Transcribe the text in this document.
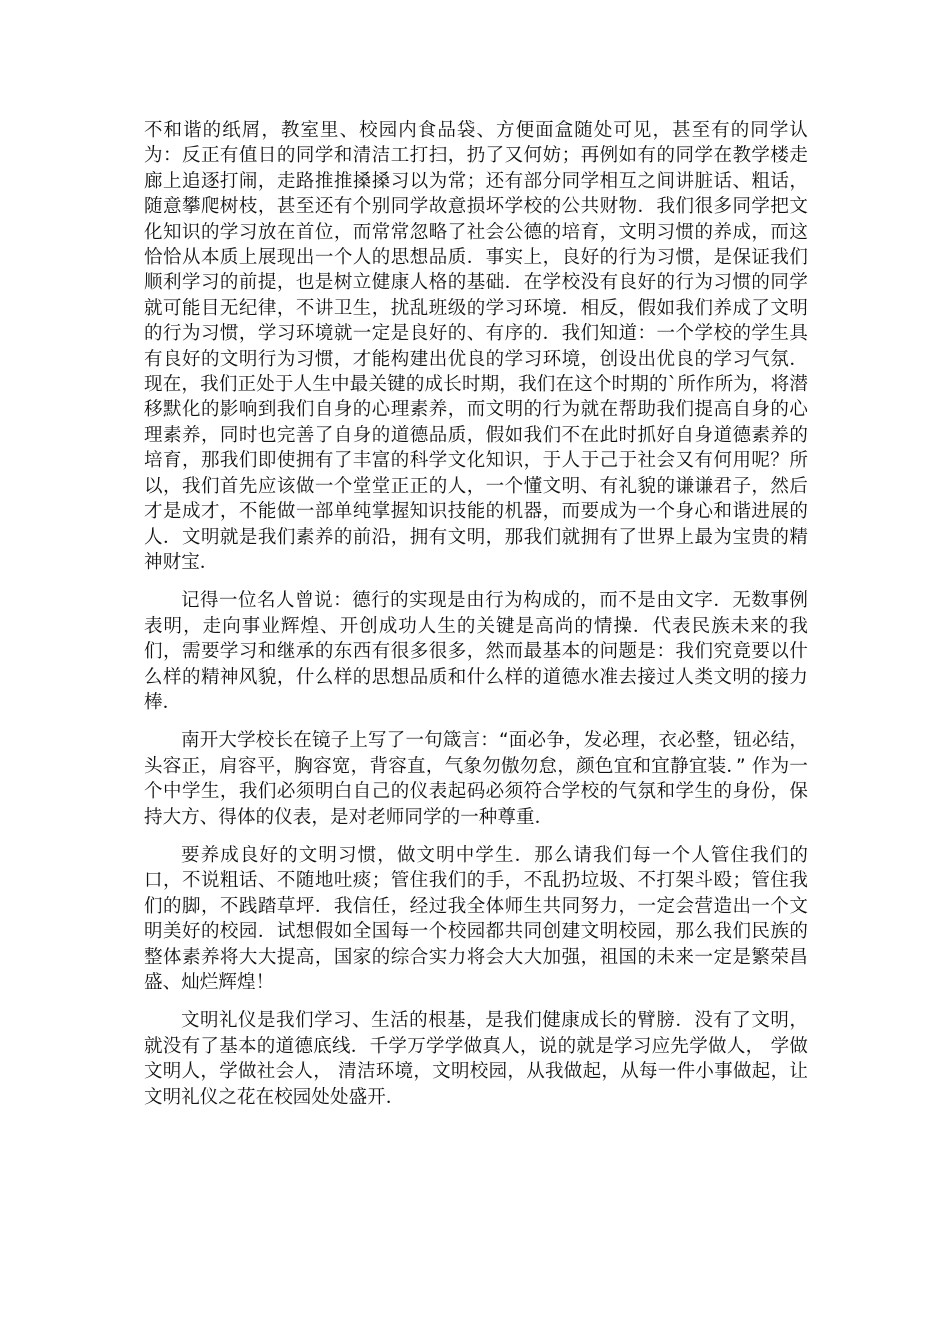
不和谐的纸屑，教室里、校园内食品袋、方便面盒随处可见，甚至有的同学认为：反正有值日的同学和清洁工打扫，扔了又何妨；再例如有的同学在教学楼走廊上追逐打闹，走路推推搡搡习以为常；还有部分同学相互之间讲脏话、粗话，随意攀爬树枝，甚至还有个别同学故意损坏学校的公共财物．我们很多同学把文化知识的学习放在首位，而常常忽略了社会公德的培育，文明习惯的养成，而这恰恰从本质上展现出一个人的思想品质．事实上，良好的行为习惯，是保证我们顺利学习的前提，也是树立健康人格的基础．在学校没有良好的行为习惯的同学就可能目无纪律，不讲卫生，扰乱班级的学习环境．相反，假如我们养成了文明的行为习惯，学习环境就一定是良好的、有序的．我们知道：一个学校的学生具有良好的文明行为习惯，才能构建出优良的学习环境，创设出优良的学习气氛．现在，我们正处于人生中最关键的成长时期，我们在这个时期的`所作所为，将潜移默化的影响到我们自身的心理素养，而文明的行为就在帮助我们提高自身的心理素养，同时也完善了自身的道德品质，假如我们不在此时抓好自身道德素养的培育，那我们即使拥有了丰富的科学文化知识，于人于己于社会又有何用呢？所以，我们首先应该做一个堂堂正正的人，一个懂文明、有礼貌的谦谦君子，然后才是成才，不能做一部单纯掌握知识技能的机器，而要成为一个身心和谐进展的人．文明就是我们素养的前沿，拥有文明，那我们就拥有了世界上最为宝贵的精神财宝．

记得一位名人曾说：德行的实现是由行为构成的，而不是由文字．无数事例表明，走向事业辉煌、开创成功人生的关键是高尚的情操．代表民族未来的我们，需要学习和继承的东西有很多很多，然而最基本的问题是：我们究竟要以什么样的精神风貌，什么样的思想品质和什么样的道德水准去接过人类文明的接力棒．

南开大学校长在镜子上写了一句箴言：“面必争，发必理，衣必整，钮必结，头容正，肩容平，胸容宽，背容直，气象勿傲勿怠，颜色宜和宜静宜装．” 作为一个中学生，我们必须明白自己的仪表起码必须符合学校的气氛和学生的身份，保持大方、得体的仪表，是对老师同学的一种尊重．

要养成良好的文明习惯，做文明中学生．那么请我们每一个人管住我们的口，不说粗话、不随地吐痰；管住我们的手，不乱扔垃圾、不打架斗殴；管住我们的脚，不践踏草坪．我信任，经过我全体师生共同努力，一定会营造出一个文明美好的校园．试想假如全国每一个校园都共同创建文明校园，那么我们民族的整体素养将大大提高，国家的综合实力将会大大加强，祖国的未来一定是繁荣昌盛、灿烂辉煌！

文明礼仪是我们学习、生活的根基，是我们健康成长的臂膀．没有了文明，就没有了基本的道德底线．千学万学学做真人，说的就是学习应先学做人， 学做文明人，学做社会人， 清洁环境，文明校园，从我做起，从每一件小事做起，让文明礼仪之花在校园处处盛开．
